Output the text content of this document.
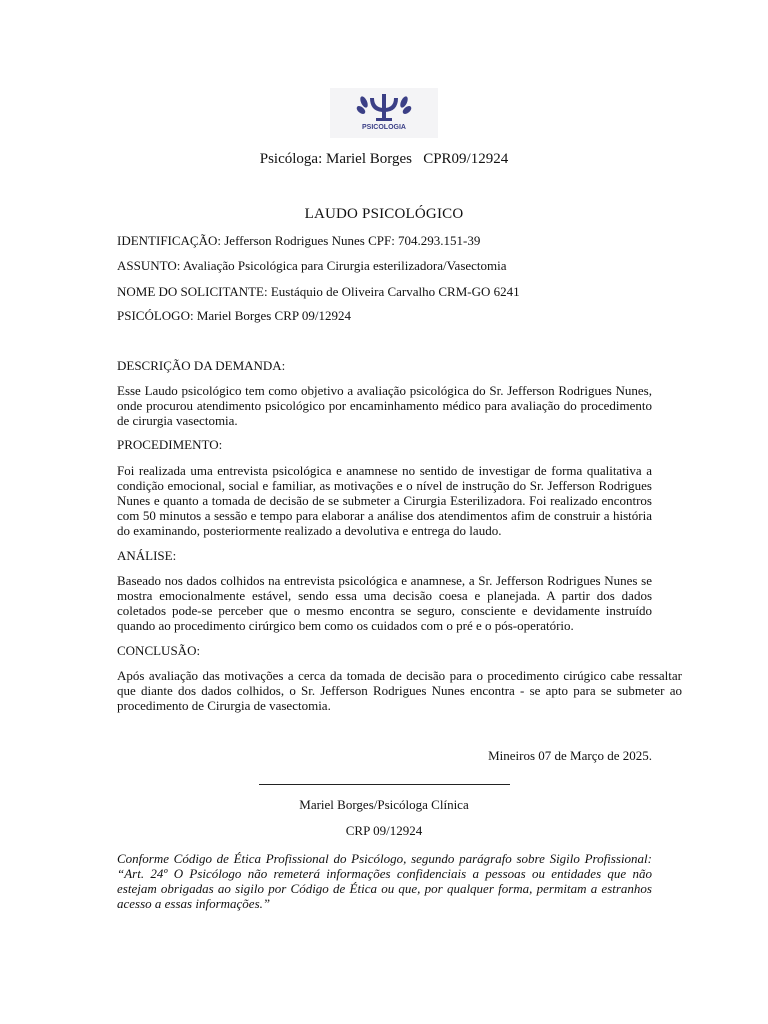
PSICOLOGIA
Psicóloga: Mariel Borges   CPR09/12924
LAUDO PSICOLÓGICO
IDENTIFICAÇÃO: Jefferson Rodrigues Nunes CPF: 704.293.151-39
ASSUNTO: Avaliação Psicológica para Cirurgia esterilizadora/Vasectomia
NOME DO SOLICITANTE: Eustáquio de Oliveira Carvalho CRM-GO 6241
PSICÓLOGO: Mariel Borges CRP 09/12924
DESCRIÇÃO DA DEMANDA:
Esse Laudo psicológico tem como objetivo a avaliação psicológica do Sr. Jefferson Rodrigues Nunes, onde procurou atendimento psicológico por encaminhamento médico para avaliação do procedimento de cirurgia vasectomia.
PROCEDIMENTO:
Foi realizada uma entrevista psicológica e anamnese no sentido de investigar de forma qualitativa a condição emocional, social e familiar, as motivações e o nível de instrução do Sr. Jefferson Rodrigues Nunes e quanto a tomada de decisão de se submeter a Cirurgia Esterilizadora. Foi realizado encontros com 50 minutos a sessão e tempo para elaborar a análise dos atendimentos afim de construir a história do examinando, posteriormente realizado a devolutiva e entrega do laudo.
ANÁLISE:
Baseado nos dados colhidos na entrevista psicológica e anamnese, a Sr. Jefferson Rodrigues Nunes se mostra emocionalmente estável, sendo essa uma decisão coesa e planejada. A partir dos dados coletados pode-se perceber que o mesmo encontra se seguro, consciente e devidamente instruído quando ao procedimento cirúrgico bem como os cuidados com o pré e o pós-operatório.
CONCLUSÃO:
Após avaliação das motivações a cerca da tomada de decisão para o procedimento cirúgico cabe ressaltar que diante dos dados colhidos, o Sr. Jefferson Rodrigues Nunes encontra - se apto para se submeter ao procedimento de Cirurgia de vasectomia.
Mineiros 07 de Março de 2025.
Mariel Borges/Psicóloga Clínica
CRP 09/12924
Conforme Código de Ética Profissional do Psicólogo, segundo parágrafo sobre Sigilo Profissional: “Art. 24º O Psicólogo não remeterá informações confidenciais a pessoas ou entidades que não estejam obrigadas ao sigilo por Código de Ética ou que, por qualquer forma, permitam a estranhos acesso a essas informações.”
